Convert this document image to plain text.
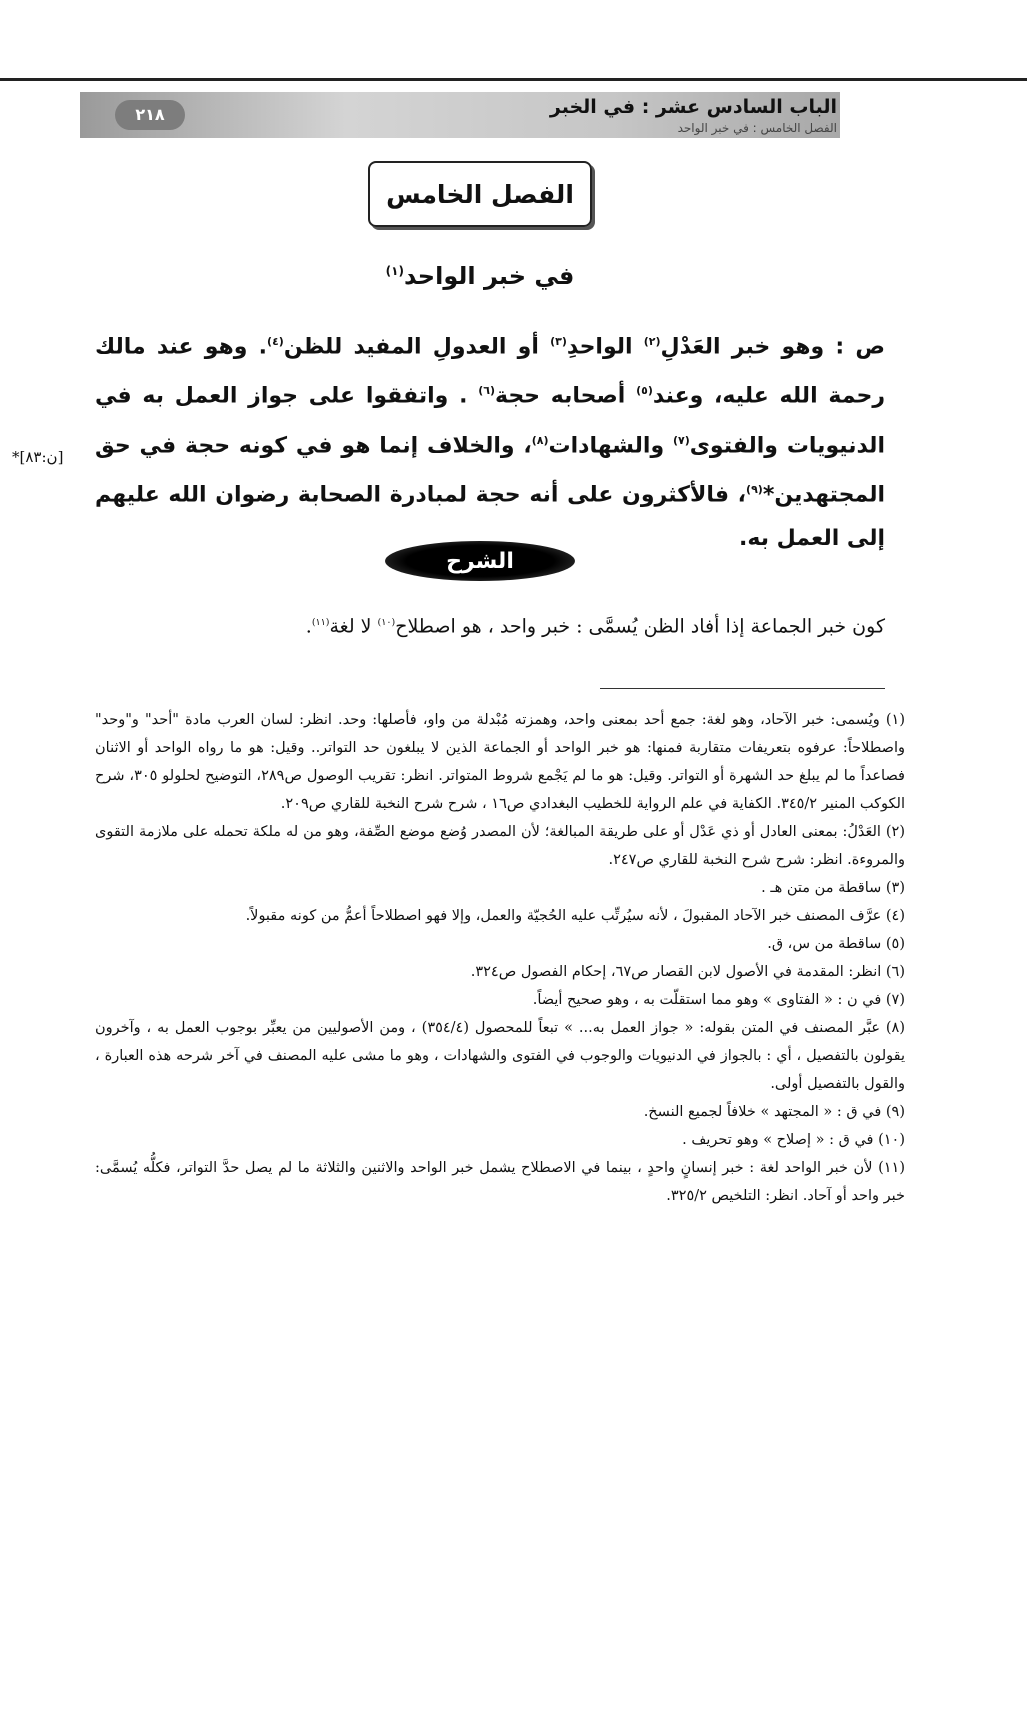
٢١٨	الباب السادس عشر : في الخبر
الفصل الخامس : في خبر الواحد
الفصل الخامس
في خبر الواحد$^{(١)}$
ص : وهو خبر العَدْلِ$^{(٢)}$ الواحدِ$^{(٣)}$ أو العدولِ المفيد للظن$^{(٤)}$. وهو عند مالك رحمة الله عليه، وعند$^{(٥)}$ أصحابه حجة$^{(٦)}$ . واتفقوا على جواز العمل به في الدنيويات والفتوى$^{(٧)}$ والشهادات$^{(٨)}$، والخلاف إنما هو في كونه حجة في حق المجتهدين*$^{(٩)}$، فالأكثرون على أنه حجة لمبادرة الصحابة رضوان الله عليهم إلى العمل به.
*[ن:٨٣]
الشرح
كون خبر الجماعة إذا أفاد الظن يُسمَّى : خبر واحد ، هو اصطلاح$^{(١٠)}$ لا لغة$^{(١١)}$.

(١) ويُسمى: خبر الآحاد، وهو لغة: جمع أحد بمعنى واحد، وهمزته مُبْدلة من واو، فأصلها: وحد. انظر: لسان العرب مادة "أحد" و"وحد" واصطلاحاً: عرفوه بتعريفات متقاربة فمنها: هو خبر الواحد أو الجماعة الذين لا يبلغون حد التواتر.. وقيل: هو ما رواه الواحد أو الاثنان فصاعداً ما لم يبلغ حد الشهرة أو التواتر. وقيل: هو ما لم يَجْمع شروط المتواتر. انظر: تقريب الوصول ص٢٨٩، التوضيح لحلولو ٣٠٥، شرح الكوكب المنير ٣٤٥/٢. الكفاية في علم الرواية للخطيب البغدادي ص١٦ ، شرح شرح النخبة للقاري ص٢٠٩.

(٢) العَدْلُ: بمعنى العادل أو ذي عَدْل أو على طريقة المبالغة؛ لأن المصدر وُضع موضع الصِّفة، وهو من له ملكة تحمله على ملازمة التقوى والمروءة. انظر: شرح شرح النخبة للقاري ص٢٤٧.

(٣) ساقطة من متن هـ .

(٤) عرَّف المصنف خبر الآحاد المقبولَ ، لأنه سيُرتِّب عليه الحُجيّة والعمل، وإلا فهو اصطلاحاً أعمُّ من كونه مقبولاً.

(٥) ساقطة من س، ق.

(٦) انظر: المقدمة في الأصول لابن القصار ص٦٧، إحكام الفصول ص٣٢٤.

(٧) في ن : « الفتاوى » وهو مما استقلّت به ، وهو صحيح أيضاً.

(٨) عبَّر المصنف في المتن بقوله: « جواز العمل به... » تبعاً للمحصول (٣٥٤/٤) ، ومن الأصوليين من يعبِّر بوجوب العمل به ، وآخرون يقولون بالتفصيل ، أي : بالجواز في الدنيويات والوجوب في الفتوى والشهادات ، وهو ما مشى عليه المصنف في آخر شرحه هذه العبارة ، والقول بالتفصيل أولى.

(٩) في ق : « المجتهد » خلافاً لجميع النسخ.

(١٠) في ق : « إصلاح » وهو تحريف .

(١١) لأن خبر الواحد لغة : خبر إنسانٍ واحدٍ ، بينما في الاصطلاح يشمل خبر الواحد والاثنين والثلاثة ما لم يصل حدَّ التواتر، فكلُّه يُسمَّى: خبر واحد أو آحاد. انظر: التلخيص ٣٢٥/٢.
